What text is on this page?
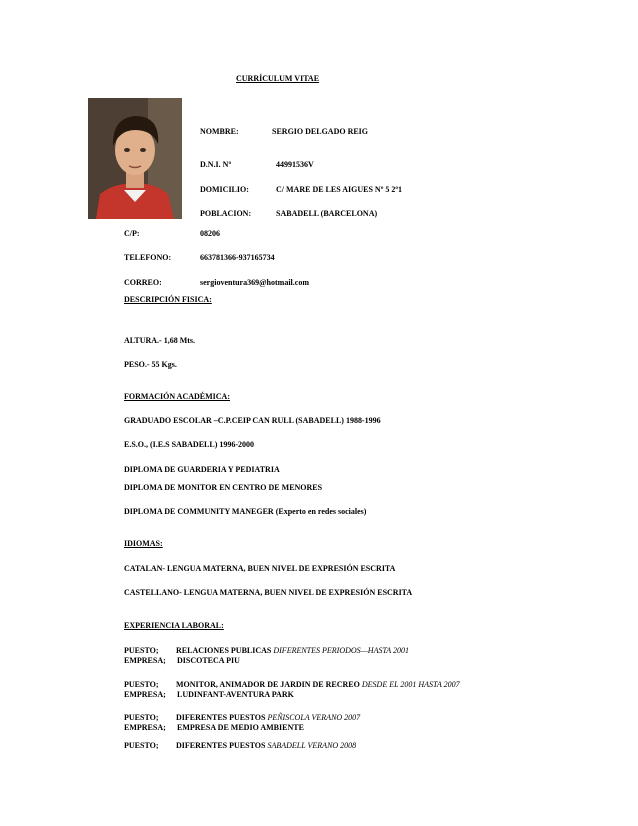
CURRÍCULUM VITAE
NOMBRE:	SERGIO DELGADO REIG
D.N.I. Nº	44991536V
DOMICILIO:	C/ MARE DE LES AIGUES Nº 5 2º1
POBLACION:	SABADELL (BARCELONA)
C/P:	08206
TELEFONO:	663781366-937165734
CORREO:	sergioventura369@hotmail.com
DESCRIPCIÓN FISICA:
ALTURA.- 1,68 Mts.
PESO.- 55 Kgs.
FORMACIÓN ACADÉMICA:
GRADUADO ESCOLAR –C.P.CEIP CAN RULL (SABADELL) 1988-1996
E.S.O., (I.E.S SABADELL) 1996-2000
DIPLOMA DE GUARDERIA Y PEDIATRIA
DIPLOMA DE MONITOR EN CENTRO DE MENORES
DIPLOMA DE COMMUNITY MANEGER (Experto en redes sociales)
IDIOMAS:
CATALAN- LENGUA MATERNA, BUEN NIVEL DE EXPRESIÓN ESCRITA
CASTELLANO- LENGUA MATERNA, BUEN NIVEL DE EXPRESIÓN ESCRITA
EXPERIENCIA LABORAL:
PUESTO; RELACIONES PUBLICAS DIFERENTES PERIODOS—HASTA 2001
EMPRESA; DISCOTECA PIU
PUESTO; MONITOR, ANIMADOR DE JARDIN DE RECREO DESDE EL 2001 HASTA 2007
EMPRESA; LUDINFANT-AVENTURA PARK
PUESTO; DIFERENTES PUESTOS PEÑISCOLA VERANO 2007
EMPRESA; EMPRESA DE MEDIO AMBIENTE
PUESTO; DIFERENTES PUESTOS SABADELL VERANO 2008
